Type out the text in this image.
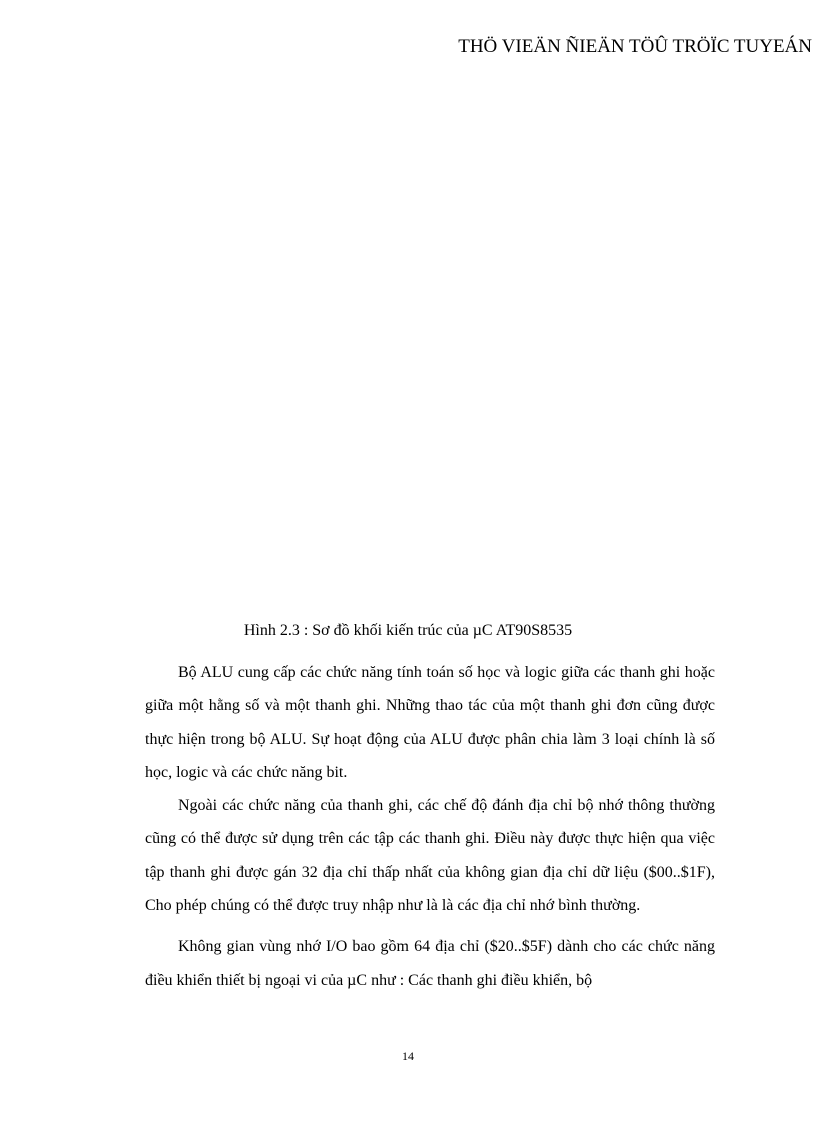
THÖ VIEÄN ÑIEÄN TÖÛ TRÖÏC TUYEÁN
Hình 2.3 : Sơ đồ khối kiến trúc của µC AT90S8535

Bộ ALU cung cấp các chức năng tính toán số học và logic giữa các thanh ghi hoặc giữa một hằng số và một thanh ghi. Những thao tác của một thanh ghi đơn cũng được thực hiện trong bộ ALU. Sự hoạt động của ALU được phân chia làm 3 loại chính là số học, logic và các chức năng bit.

Ngoài các chức năng của thanh ghi, các chế độ đánh địa chỉ bộ nhớ thông thường cũng có thể được sử dụng trên các tập các thanh ghi. Điều này được thực hiện qua việc tập thanh ghi được gán 32 địa chỉ thấp nhất của không gian địa chỉ dữ liệu ($00..$1F), Cho phép chúng có thể được truy nhập như là là các địa chỉ nhớ bình thường.

Không gian vùng nhớ I/O bao gồm 64 địa chỉ ($20..$5F) dành cho các chức năng điều khiển thiết bị ngoại vi của µC như : Các thanh ghi điều khiển, bộ

14
